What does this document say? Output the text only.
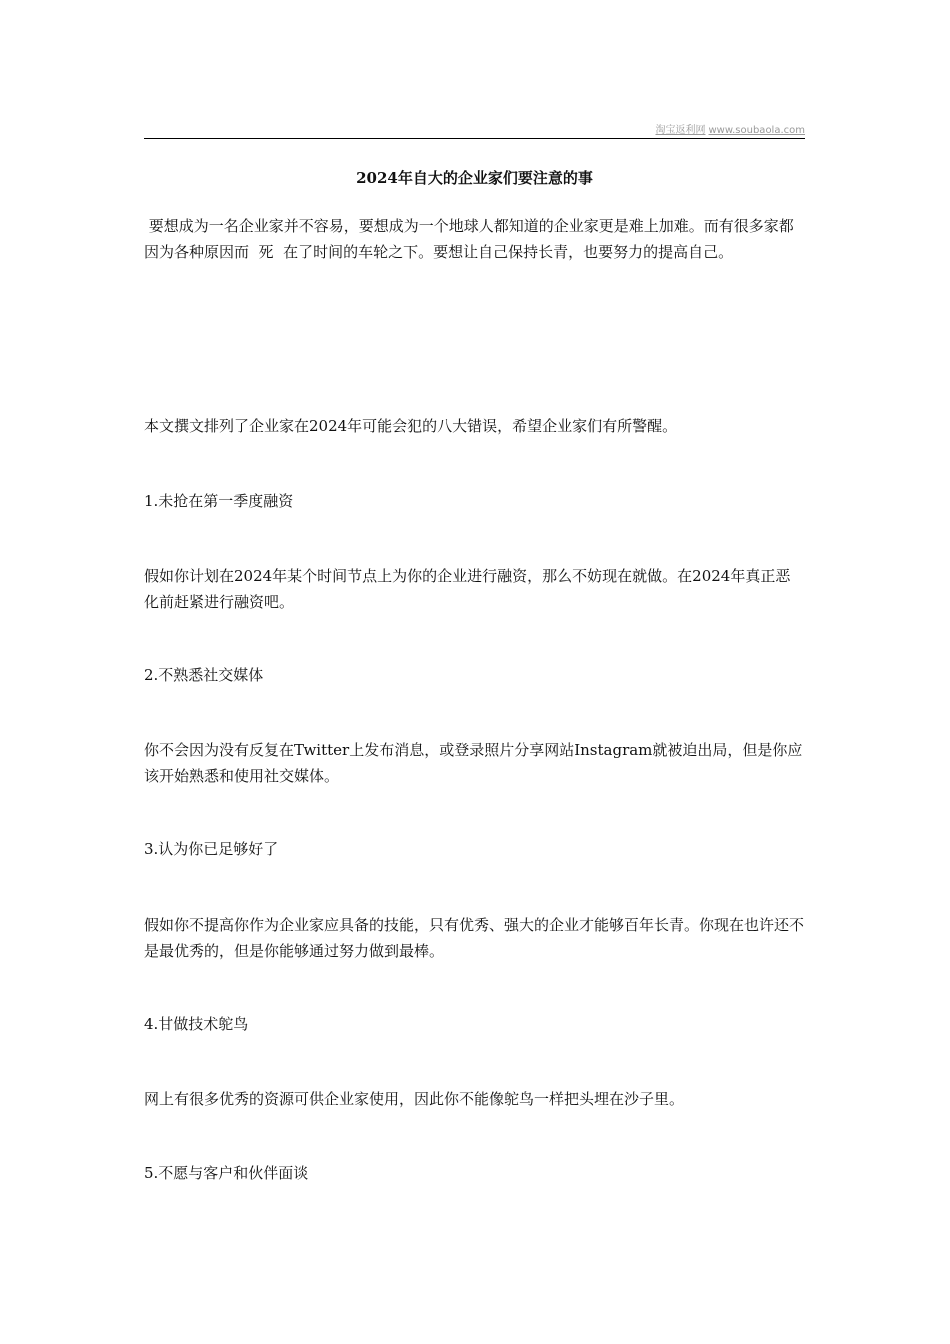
淘宝返利网 www.soubaola.com
2024年自大的企业家们要注意的事

要想成为一名企业家并不容易，要想成为一个地球人都知道的企业家更是难上加难。而有很多家都因为各种原因而  死  在了时间的车轮之下。要想让自己保持长青，也要努力的提高自己。

本文撰文排列了企业家在2024年可能会犯的八大错误，希望企业家们有所警醒。

1.未抢在第一季度融资

假如你计划在2024年某个时间节点上为你的企业进行融资，那么不妨现在就做。在2024年真正恶化前赶紧进行融资吧。

2.不熟悉社交媒体

你不会因为没有反复在Twitter上发布消息，或登录照片分享网站Instagram就被迫出局，但是你应该开始熟悉和使用社交媒体。

3.认为你已足够好了

假如你不提高你作为企业家应具备的技能，只有优秀、强大的企业才能够百年长青。你现在也许还不是最优秀的，但是你能够通过努力做到最棒。

4.甘做技术鸵鸟

网上有很多优秀的资源可供企业家使用，因此你不能像鸵鸟一样把头埋在沙子里。

5.不愿与客户和伙伴面谈
